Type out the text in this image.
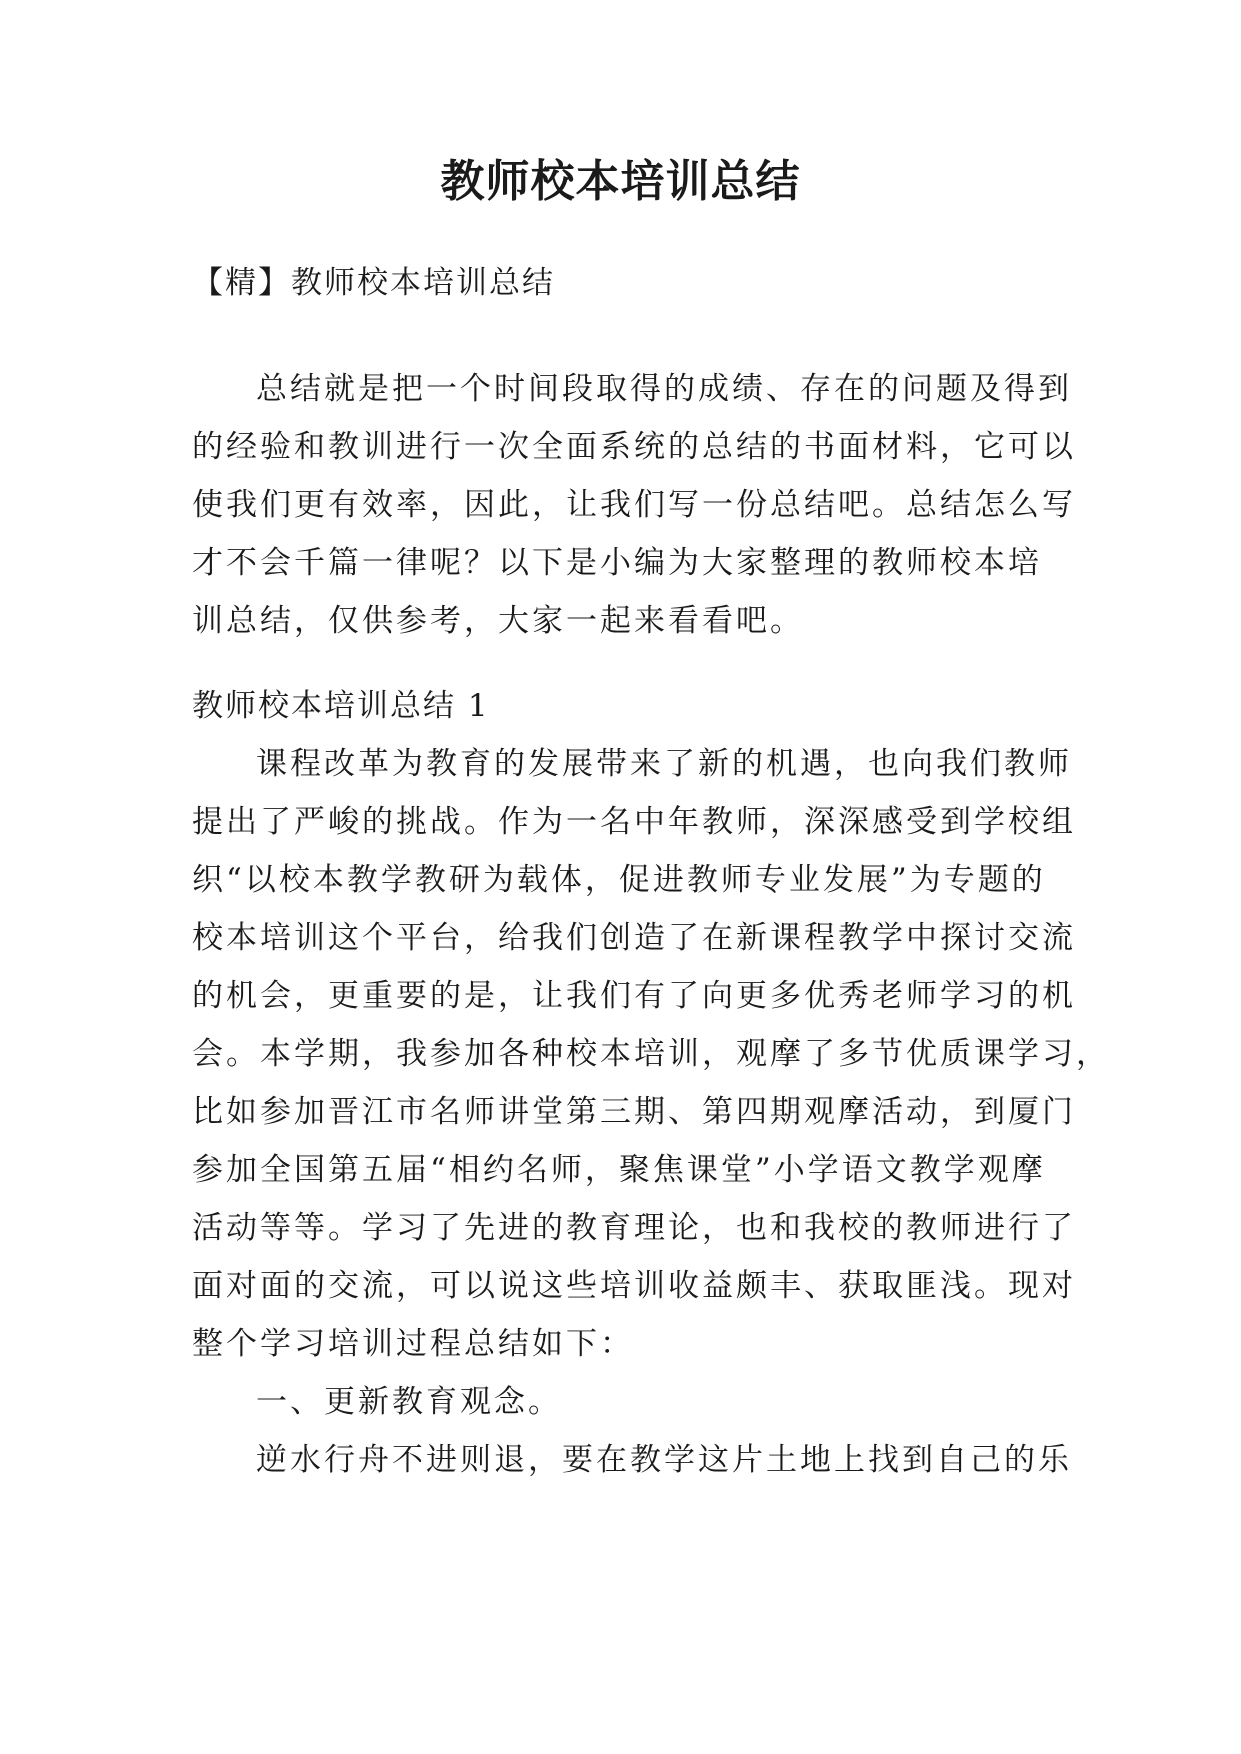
教师校本培训总结
【精】教师校本培训总结
总结就是把一个时间段取得的成绩、存在的问题及得到
的经验和教训进行一次全面系统的总结的书面材料，它可以
使我们更有效率，因此，让我们写一份总结吧。总结怎么写
才不会千篇一律呢？以下是小编为大家整理的教师校本培
训总结，仅供参考，大家一起来看看吧。
教师校本培训总结 1
课程改革为教育的发展带来了新的机遇，也向我们教师
提出了严峻的挑战。作为一名中年教师，深深感受到学校组
织“以校本教学教研为载体，促进教师专业发展”为专题的
校本培训这个平台，给我们创造了在新课程教学中探讨交流
的机会，更重要的是，让我们有了向更多优秀老师学习的机
会。本学期，我参加各种校本培训，观摩了多节优质课学习，
比如参加晋江市名师讲堂第三期、第四期观摩活动，到厦门
参加全国第五届“相约名师，聚焦课堂”小学语文教学观摩
活动等等。学习了先进的教育理论，也和我校的教师进行了
面对面的交流，可以说这些培训收益颇丰、获取匪浅。现对
整个学习培训过程总结如下：
一、更新教育观念。
逆水行舟不进则退，要在教学这片土地上找到自己的乐
